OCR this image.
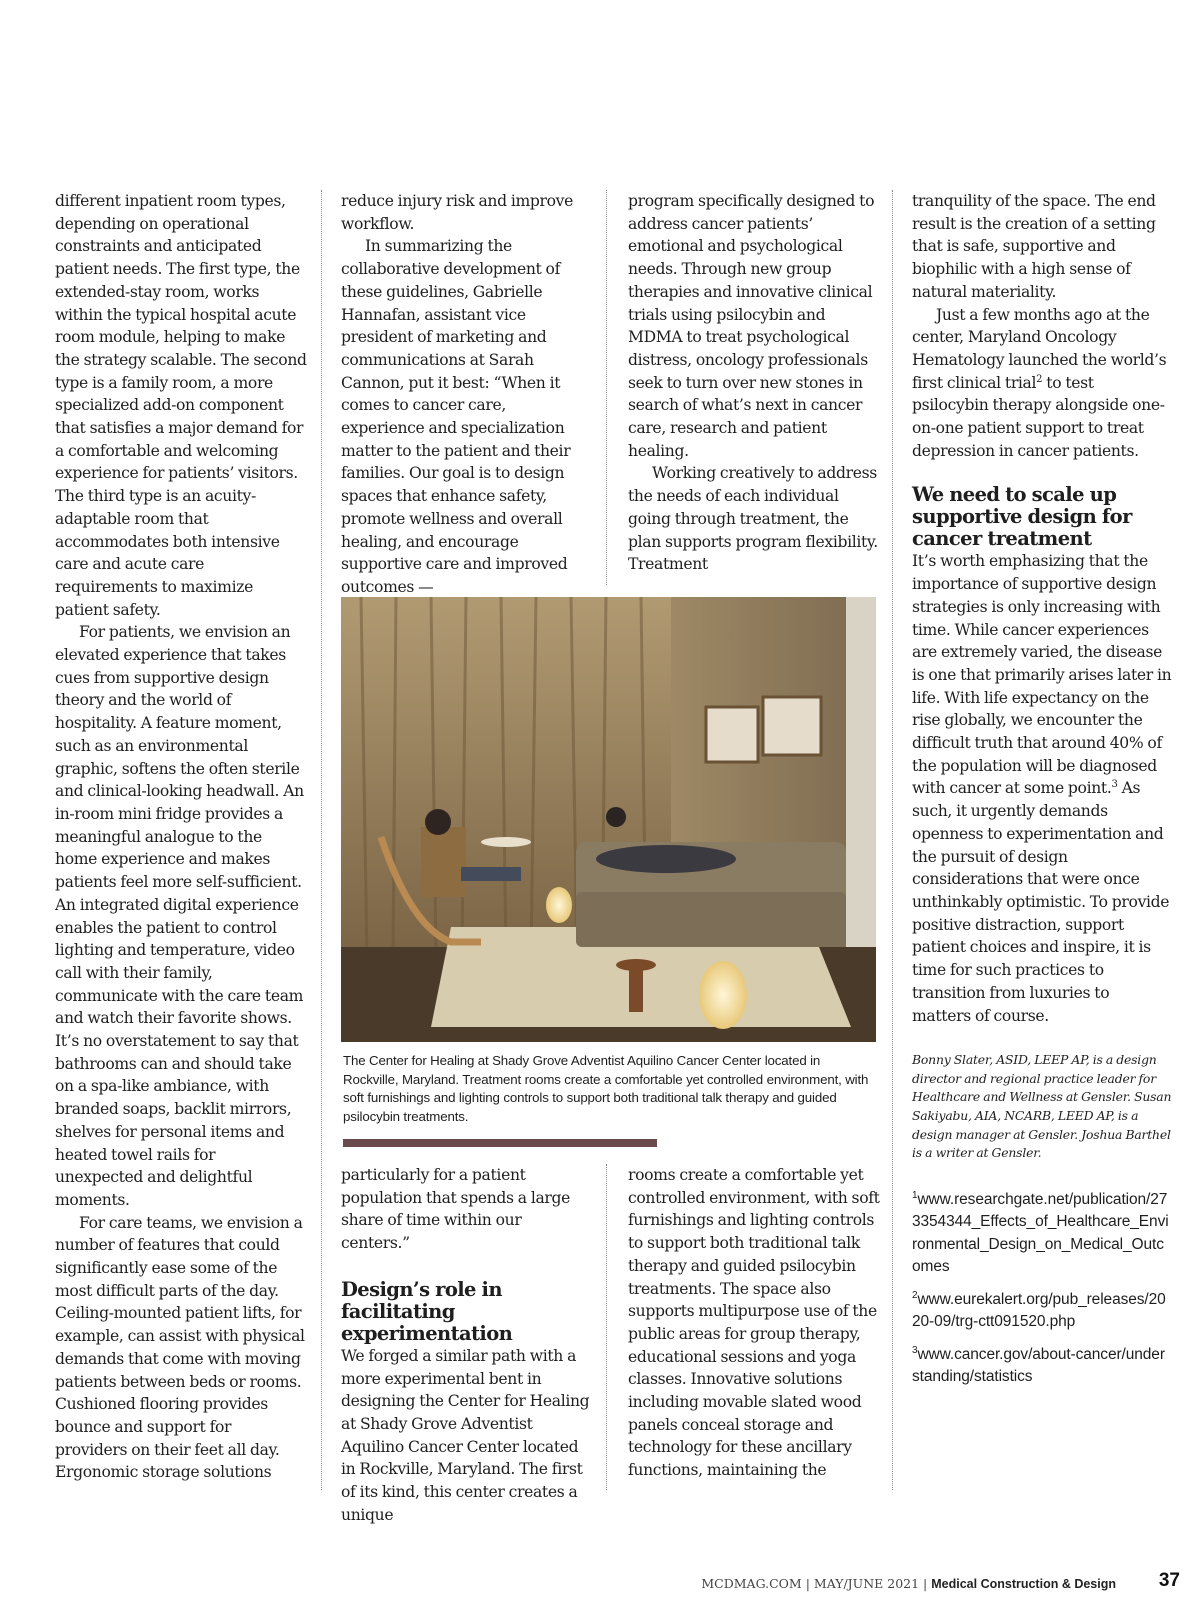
different inpatient room types, depending on operational constraints and anticipated patient needs. The first type, the extended-stay room, works within the typical hospital acute room module, helping to make the strategy scalable. The second type is a family room, a more specialized add-on component that satisfies a major demand for a comfortable and welcoming experience for patients’ visitors. The third type is an acuity-adaptable room that accommodates both intensive care and acute care requirements to maximize patient safety.

For patients, we envision an elevated experience that takes cues from supportive design theory and the world of hospitality. A feature moment, such as an environmental graphic, softens the often sterile and clinical-looking headwall. An in-room mini fridge provides a meaningful analogue to the home experience and makes patients feel more self-sufficient. An integrated digital experience enables the patient to control lighting and temperature, video call with their family, communicate with the care team and watch their favorite shows. It’s no overstatement to say that bathrooms can and should take on a spa-like ambiance, with branded soaps, backlit mirrors, shelves for personal items and heated towel rails for unexpected and delightful moments.

For care teams, we envision a number of features that could significantly ease some of the most difficult parts of the day. Ceiling-mounted patient lifts, for example, can assist with physical demands that come with moving patients between beds or rooms. Cushioned flooring provides bounce and support for providers on their feet all day. Ergonomic storage solutions

reduce injury risk and improve workflow.

In summarizing the collaborative development of these guidelines, Gabrielle Hannafan, assistant vice president of marketing and communications at Sarah Cannon, put it best: “When it comes to cancer care, experience and specialization matter to the patient and their families. Our goal is to design spaces that enhance safety, promote wellness and overall healing, and encourage supportive care and improved outcomes —

program specifically designed to address cancer patients’ emotional and psychological needs. Through new group therapies and innovative clinical trials using psilocybin and MDMA to treat psychological distress, oncology professionals seek to turn over new stones in search of what’s next in cancer care, research and patient healing.

Working creatively to address the needs of each individual going through treatment, the plan supports program flexibility. Treatment

tranquility of the space. The end result is the creation of a setting that is safe, supportive and biophilic with a high sense of natural materiality.

Just a few months ago at the center, Maryland Oncology Hematology launched the world’s first clinical trial$^2$ to test psilocybin therapy alongside one-on-one patient support to treat depression in cancer patients.

We need to scale up supportive design for cancer treatment

It’s worth emphasizing that the importance of supportive design strategies is only increasing with time. While cancer experiences are extremely varied, the disease is one that primarily arises later in life. With life expectancy on the rise globally, we encounter the difficult truth that around 40% of the population will be diagnosed with cancer at some point.$^3$ As such, it urgently demands openness to experimentation and the pursuit of design considerations that were once unthinkably optimistic. To provide positive distraction, support patient choices and inspire, it is time for such practices to transition from luxuries to matters of course.

Bonny Slater, ASID, LEEP AP, is a design director and regional practice leader for Healthcare and Wellness at Gensler. Susan Sakiyabu, AIA, NCARB, LEED AP, is a design manager at Gensler. Joshua Barthel is a writer at Gensler.

$^1$www.researchgate.net/publication/273354344_Effects_of_Healthcare_Environmental_Design_on_Medical_Outcomes

$^2$www.eurekalert.org/pub_releases/2020-09/trg-ctt091520.php

$^3$www.cancer.gov/about-cancer/understanding/statistics

The Center for Healing at Shady Grove Adventist Aquilino Cancer Center located in Rockville, Maryland. Treatment rooms create a comfortable yet controlled environment, with soft furnishings and lighting controls to support both traditional talk therapy and guided psilocybin treatments.

particularly for a patient population that spends a large share of time within our centers.”

Design’s role in facilitating experimentation

We forged a similar path with a more experimental bent in designing the Center for Healing at Shady Grove Adventist Aquilino Cancer Center located in Rockville, Maryland. The first of its kind, this center creates a unique

rooms create a comfortable yet controlled environment, with soft furnishings and lighting controls to support both traditional talk therapy and guided psilocybin treatments. The space also supports multipurpose use of the public areas for group therapy, educational sessions and yoga classes. Innovative solutions including movable slated wood panels conceal storage and technology for these ancillary functions, maintaining the

MCDMAG.COM | MAY/JUNE 2021 | Medical Construction & Design 37
